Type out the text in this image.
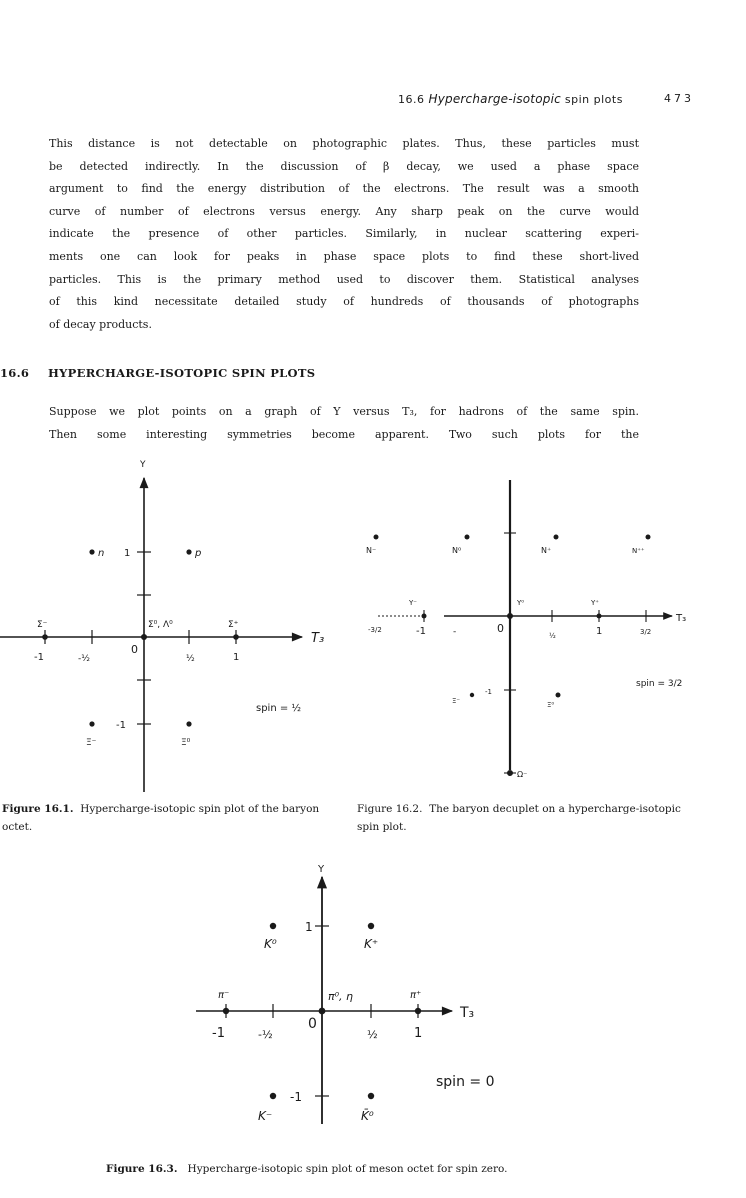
16.6 Hypercharge-isotopic spin plots	473
This distance is not detectable on photographic plates. Thus, these particles must
be detected indirectly. In the discussion of β decay, we used a phase space
argument to find the energy distribution of the electrons. The result was a smooth
curve of number of electrons versus energy. Any sharp peak on the curve would
indicate the presence of other particles. Similarly, in nuclear scattering experi-
ments one can look for peaks in phase space plots to find these short-lived
particles. This is the primary method used to discover them. Statistical analyses
of this kind necessitate detailed study of hundreds of thousands of photographs
of decay products.
16.6 HYPERCHARGE-ISOTOPIC SPIN PLOTS
Suppose we plot points on a graph of Y versus T₃, for hadrons of the same spin.
Then some interesting symmetries become apparent. Two such plots for the
Y
T₃
1
-1
-1	-½
0
½	1
n	p
Σ⁻	Σ⁰, Λ⁰	Σ⁺
Ξ⁻	Ξ⁰
spin = ½
T₃
-3/2	-1	-	0
½	1	3/2
-1
N⁻	N⁰	N⁺	N⁺⁺
Y⁻	Y⁰	Y⁺
Ξ⁻	Ξ⁰
Ω⁻
spin = 3/2
Y
T₃
1
-1
-1	-½
0
½	1
K⁰	K⁺
π⁻	π⁰, η	π⁺
K⁻	K̄⁰
spin = 0
Figure 16.1. Hypercharge-isotopic spin plot of the baryon octet.
Figure 16.2. The baryon decuplet on a hypercharge-isotopic spin plot.
Figure 16.3. Hypercharge-isotopic spin plot of meson octet for spin zero.
